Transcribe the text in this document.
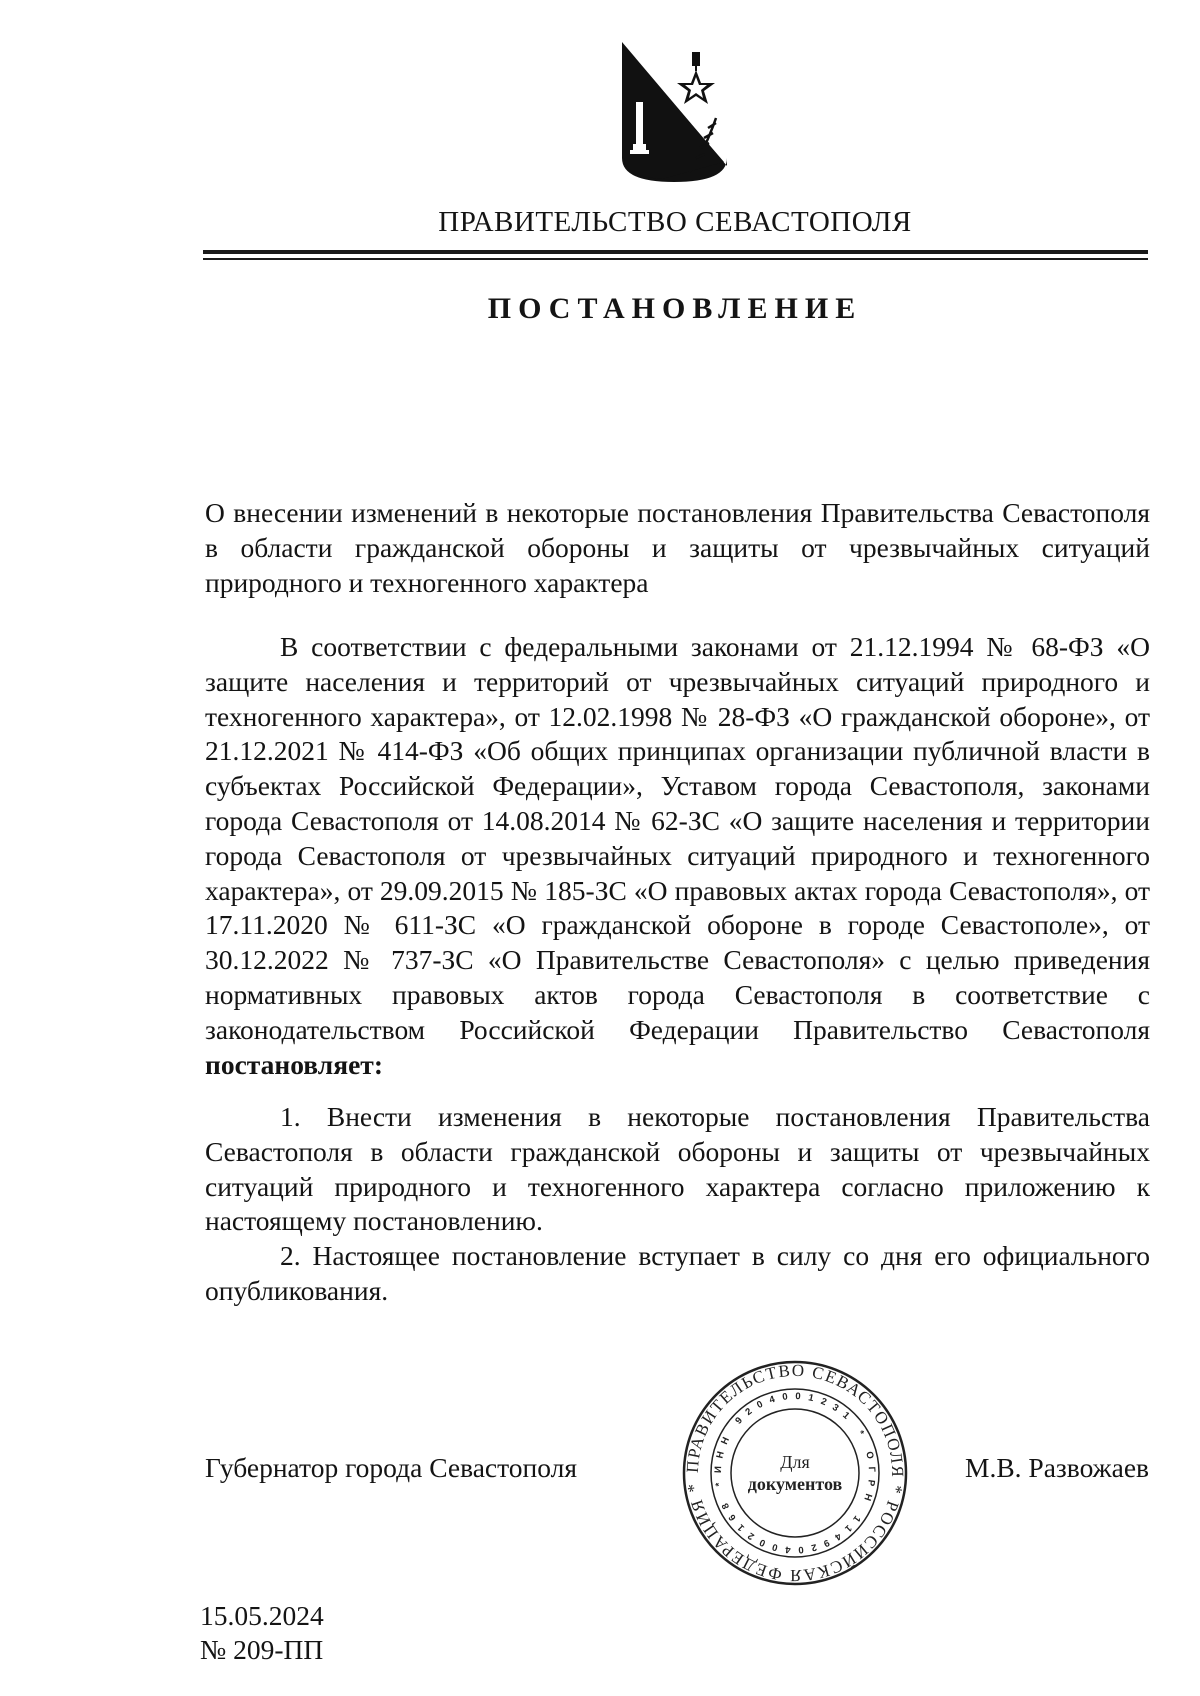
ПРАВИТЕЛЬСТВО СЕВАСТОПОЛЯ
ПОСТАНОВЛЕНИЕ
О внесении изменений в некоторые постановления Правительства Севастополя в области гражданской обороны и защиты от чрезвычайных ситуаций природного и техногенного характера
В соответствии с федеральными законами от 21.12.1994 № 68-ФЗ «О защите населения и территорий от чрезвычайных ситуаций природного и техногенного характера», от 12.02.1998 № 28-ФЗ «О гражданской обороне», от 21.12.2021 № 414-ФЗ «Об общих принципах организации публичной власти в субъектах Российской Федерации», Уставом города Севастополя, законами города Севастополя от 14.08.2014 № 62-ЗС «О защите населения и территории города Севастополя от чрезвычайных ситуаций природного и техногенного характера», от 29.09.2015 № 185-ЗС «О правовых актах города Севастополя», от 17.11.2020 № 611-ЗС «О гражданской обороне в городе Севастополе», от 30.12.2022 № 737-ЗС «О Правительстве Севастополя» с целью приведения нормативных правовых актов города Севастополя в соответствие с законодательством Российской Федерации Правительство Севастополя постановляет:

1. Внести изменения в некоторые постановления Правительства Севастополя в области гражданской обороны и защиты от чрезвычайных ситуаций природного и техногенного характера согласно приложению к настоящему постановлению.

2. Настоящее постановление вступает в силу со дня его официального опубликования.

Губернатор города Севастополя	М.В. Развожаев
ПРАВИТЕЛЬСТВО СЕВАСТОПОЛЯ * РОССИЙСКАЯ ФЕДЕРАЦИЯ *
ИНН 9204001231 * ОГРН 1149204002168 *
Для
документов
15.05.2024
№ 209-ПП
